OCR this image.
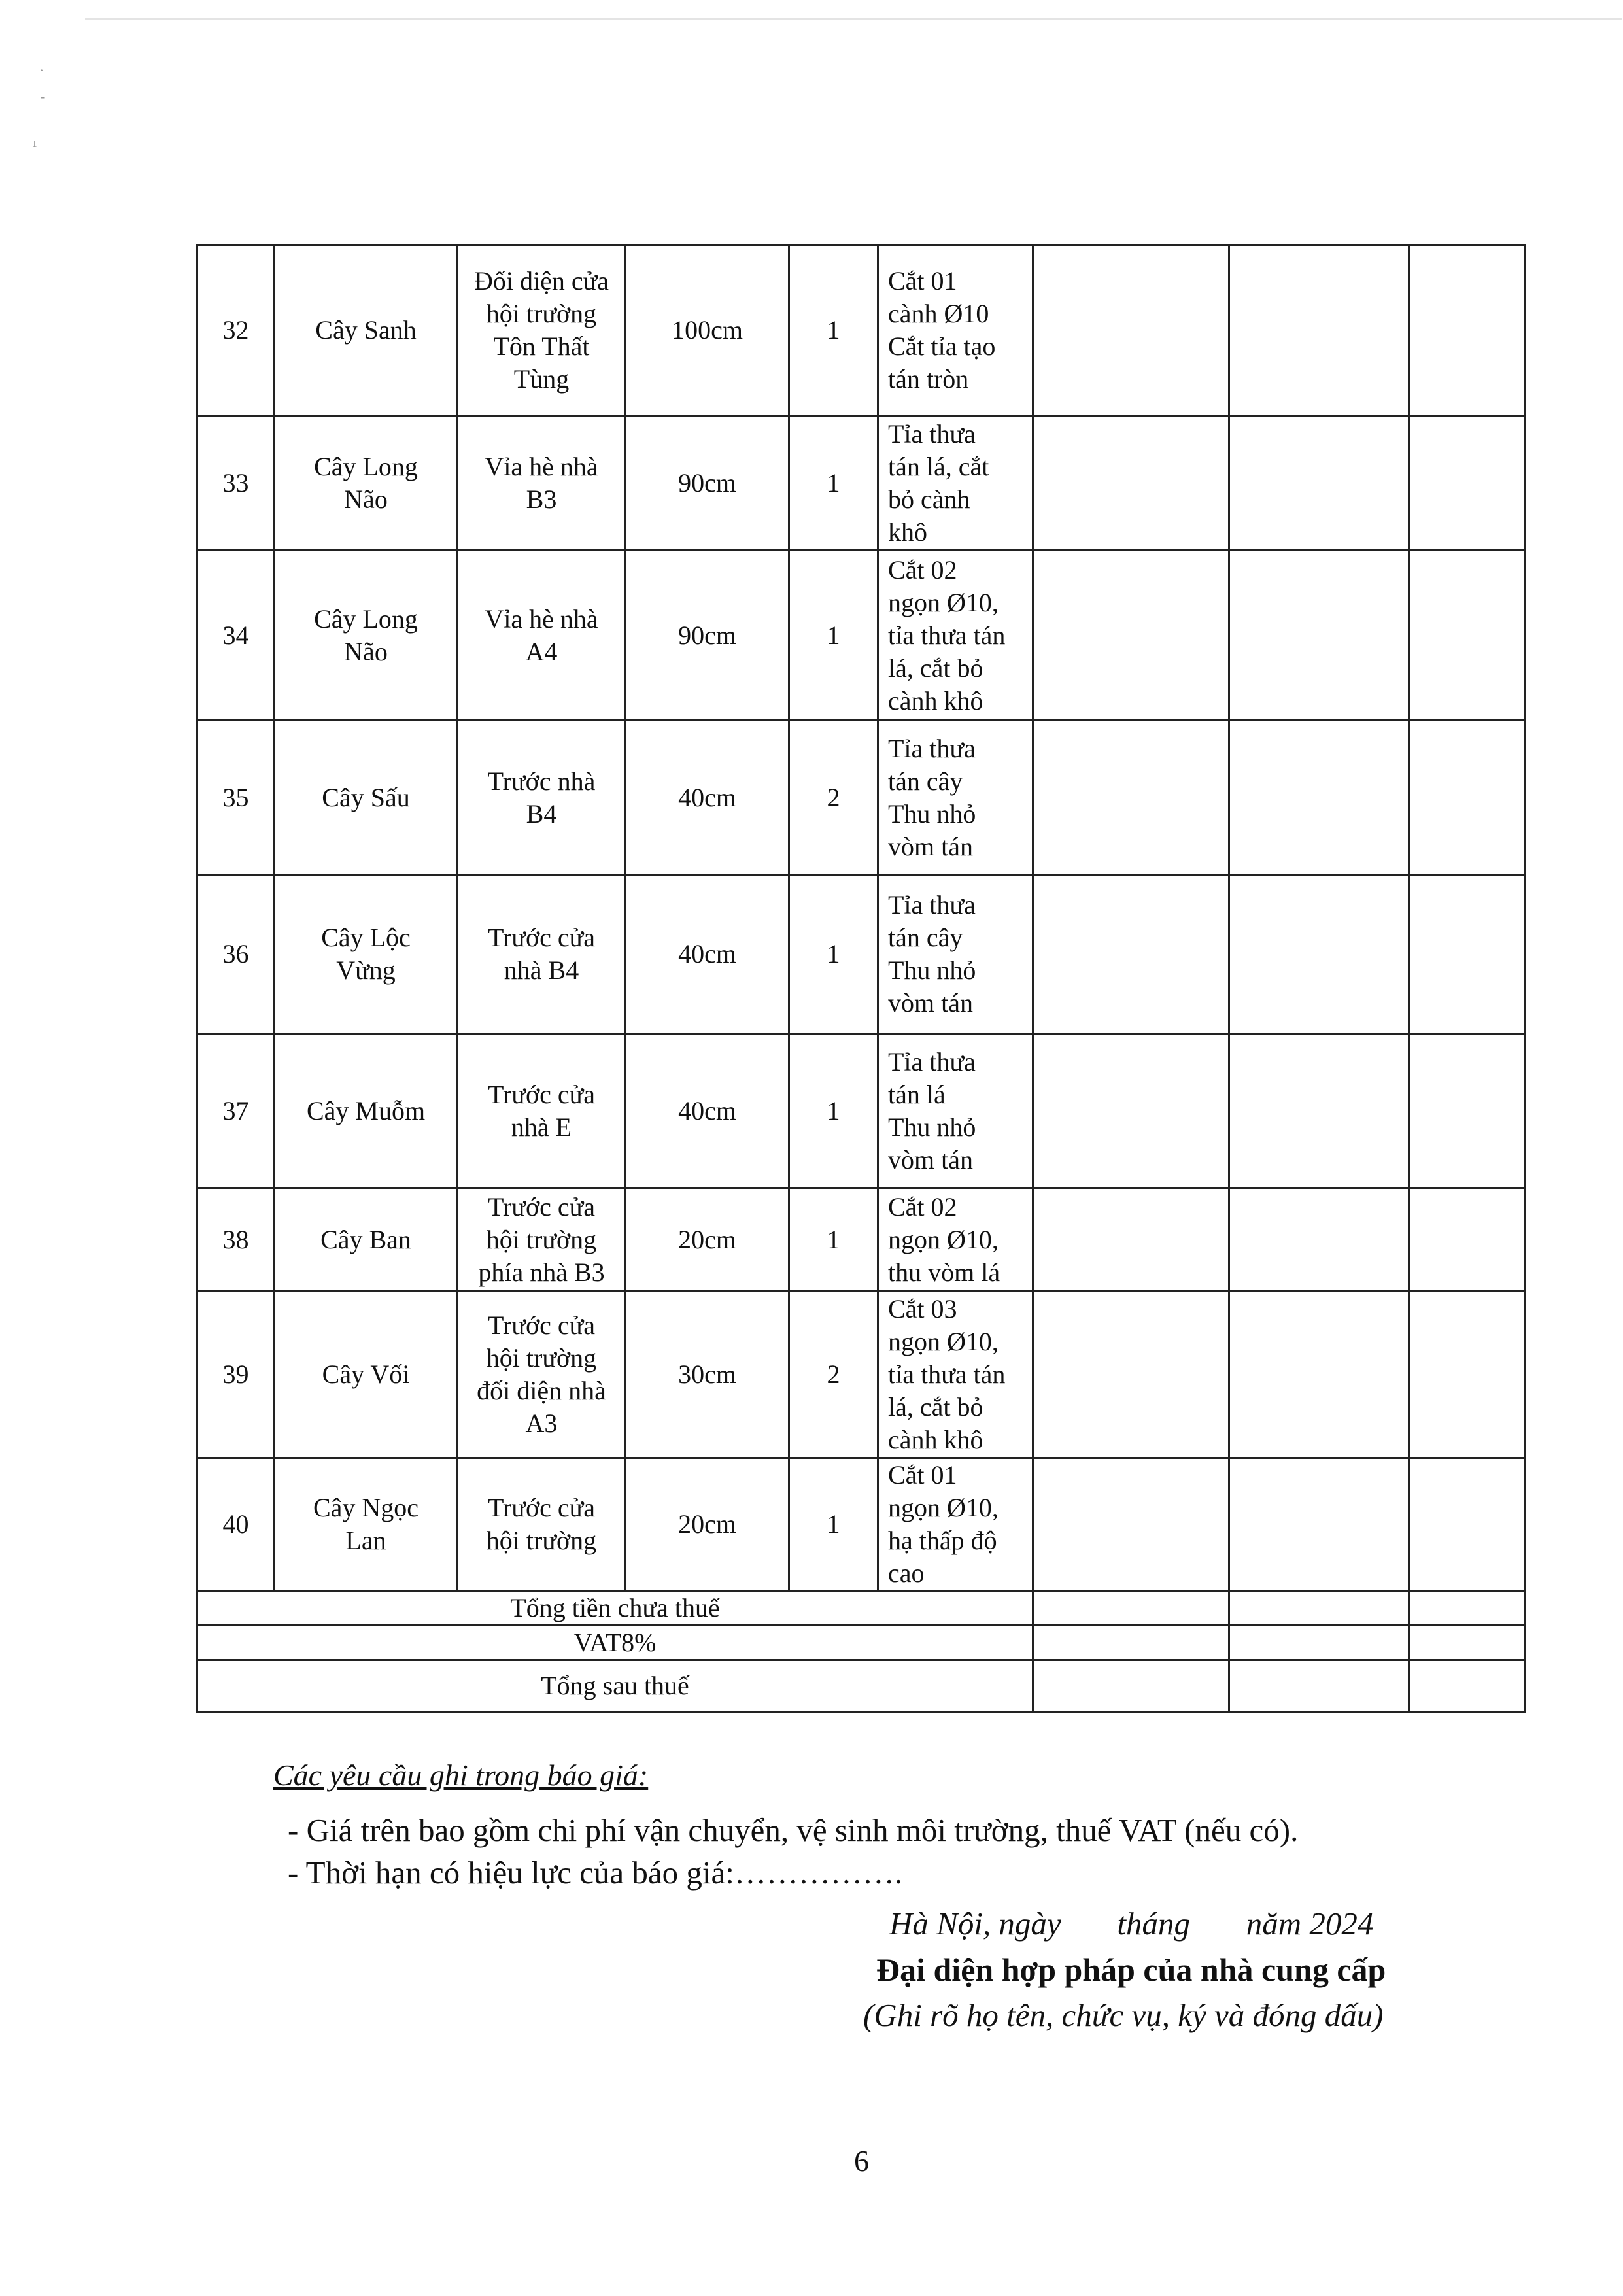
·
-
ı
32	Cây Sanh	Đối diện cửa
hội trường
Tôn Thất
Tùng	100cm	1	Cắt 01
cành Ø10
Cắt tỉa tạo
tán tròn			
33	Cây Long
Não	Vỉa hè nhà
B3	90cm	1	Tỉa thưa
tán lá, cắt
bỏ cành
khô			
34	Cây Long
Não	Vỉa hè nhà
A4	90cm	1	Cắt 02
ngọn Ø10,
tỉa thưa tán
lá, cắt bỏ
cành khô			
35	Cây Sấu	Trước nhà
B4	40cm	2	Tỉa thưa
tán cây
Thu nhỏ
vòm tán			
36	Cây Lộc
Vừng	Trước cửa
nhà B4	40cm	1	Tỉa thưa
tán cây
Thu nhỏ
vòm tán			
37	Cây Muỗm	Trước cửa
nhà E	40cm	1	Tỉa thưa
tán lá
Thu nhỏ
vòm tán			
38	Cây Ban	Trước cửa
hội trường
phía nhà B3	20cm	1	Cắt 02
ngọn Ø10,
thu vòm lá			
39	Cây Vối	Trước cửa
hội trường
đối diện nhà
A3	30cm	2	Cắt 03
ngọn Ø10,
tỉa thưa tán
lá, cắt bỏ
cành khô			
40	Cây Ngọc
Lan	Trước cửa
hội trường	20cm	1	Cắt 01
ngọn Ø10,
hạ thấp độ
cao			
Tổng tiền chưa thuế								
VAT8%								
Tổng sau thuế								
Các yêu cầu ghi trong báo giá:
- Giá trên bao gồm chi phí vận chuyển, vệ sinh môi trường, thuế VAT (nếu có).
- Thời hạn có hiệu lực của báo giá:…………….
Hà Nội, ngày       tháng       năm 2024
Đại diện hợp pháp của nhà cung cấp
(Ghi rõ họ tên, chức vụ, ký và đóng dấu)
6
